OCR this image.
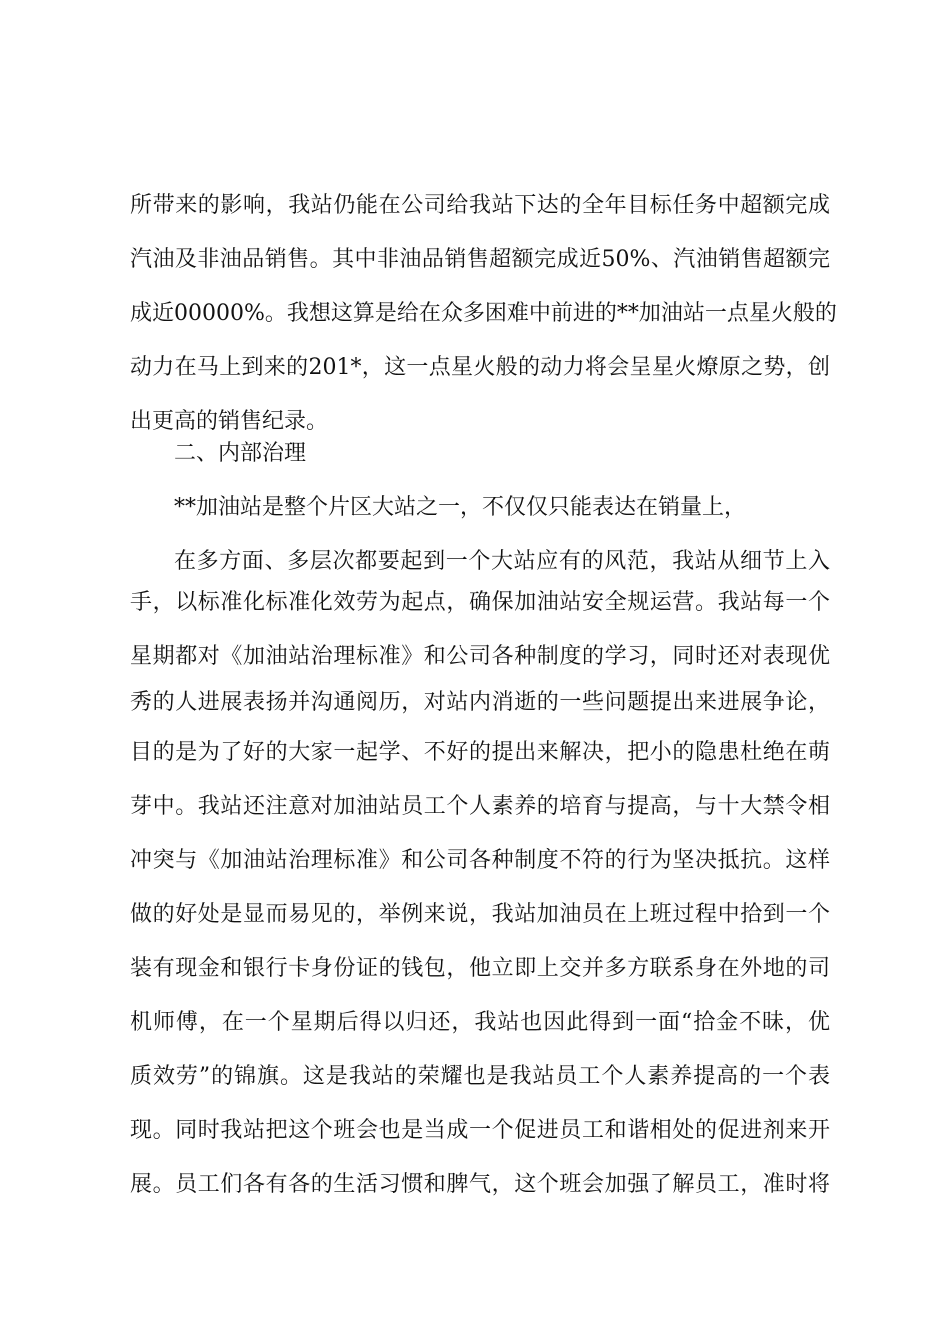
所带来的影响，我站仍能在公司给我站下达的全年目标任务中超额完成
汽油及非油品销售。其中非油品销售超额完成近50%、汽油销售超额完
成近00000%。我想这算是给在众多困难中前进的**加油站一点星火般的
动力在马上到来的201*，这一点星火般的动力将会呈星火燎原之势，创
出更高的销售纪录。
二、内部治理
**加油站是整个片区大站之一，不仅仅只能表达在销量上，
在多方面、多层次都要起到一个大站应有的风范，我站从细节上入
手，以标准化标准化效劳为起点，确保加油站安全规运营。我站每一个
星期都对《加油站治理标准》和公司各种制度的学习，同时还对表现优
秀的人进展表扬并沟通阅历，对站内消逝的一些问题提出来进展争论，
目的是为了好的大家一起学、不好的提出来解决，把小的隐患杜绝在萌
芽中。我站还注意对加油站员工个人素养的培育与提高，与十大禁令相
冲突与《加油站治理标准》和公司各种制度不符的行为坚决抵抗。这样
做的好处是显而易见的，举例来说，我站加油员在上班过程中拾到一个
装有现金和银行卡身份证的钱包，他立即上交并多方联系身在外地的司
机师傅，在一个星期后得以归还，我站也因此得到一面“拾金不昧，优
质效劳”的锦旗。这是我站的荣耀也是我站员工个人素养提高的一个表
现。同时我站把这个班会也是当成一个促进员工和谐相处的促进剂来开
展。员工们各有各的生活习惯和脾气，这个班会加强了解员工，准时将
